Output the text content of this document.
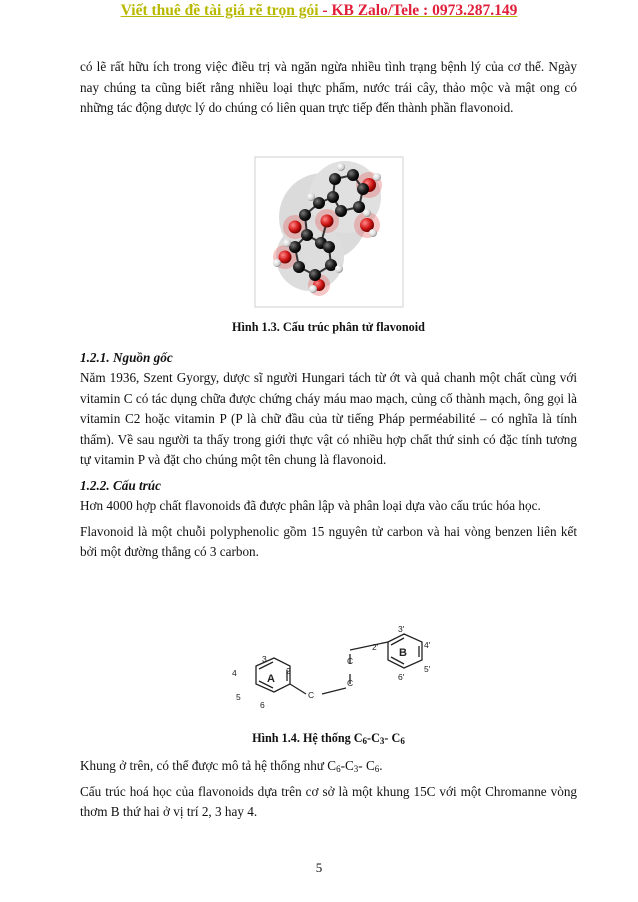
Viết thuê đề tài giá rẽ trọn gói - KB Zalo/Tele : 0973.287.149

có lẽ rất hữu ích trong việc điều trị và ngăn ngừa nhiều tình trạng bệnh lý của cơ thể. Ngày nay chúng ta cũng biết rằng nhiều loại thực phẩm, nước trái cây, thảo mộc và mật ong có những tác động dược lý do chúng có liên quan trực tiếp đến thành phần flavonoid.

Hình 1.3. Cấu trúc phân tử flavonoid

1.2.1. Nguồn gốc

Năm 1936, Szent Gyorgy, dược sĩ người Hungari tách từ ớt và quả chanh một chất cùng với vitamin C có tác dụng chữa được chứng cháy máu mao mạch, củng cố thành mạch, ông gọi là vitamin C2 hoặc vitamin P (P là chữ đầu của từ tiếng Pháp perméabilité – có nghĩa là tính thấm). Về sau người ta thấy trong giới thực vật có nhiều hợp chất thứ sinh có đặc tính tương tự vitamin P và đặt cho chúng một tên chung là flavonoid.

1.2.2. Cấu trúc

Hơn 4000 hợp chất flavonoids đã được phân lập và phân loại dựa vào cấu trúc hóa học.

Flavonoid là một chuỗi polyphenolic gồm 15 nguyên tử carbon và hai vòng benzen liên kết bởi một đường thẳng có 3 carbon.

A
B
C
C
C
3
2
4
5
6
2'
3'
4'
5'
6'

Hình 1.4. Hệ thống $C_6-C_3-$ $C_6$

Khung ở trên, có thể được mô tả hệ thống như $C_6-C_3-$ $C_6$.

Cấu trúc hoá học của flavonoids dựa trên cơ sở là một khung 15C với một Chromanne vòng thơm B thứ hai ở vị trí 2, 3 hay 4.

5
